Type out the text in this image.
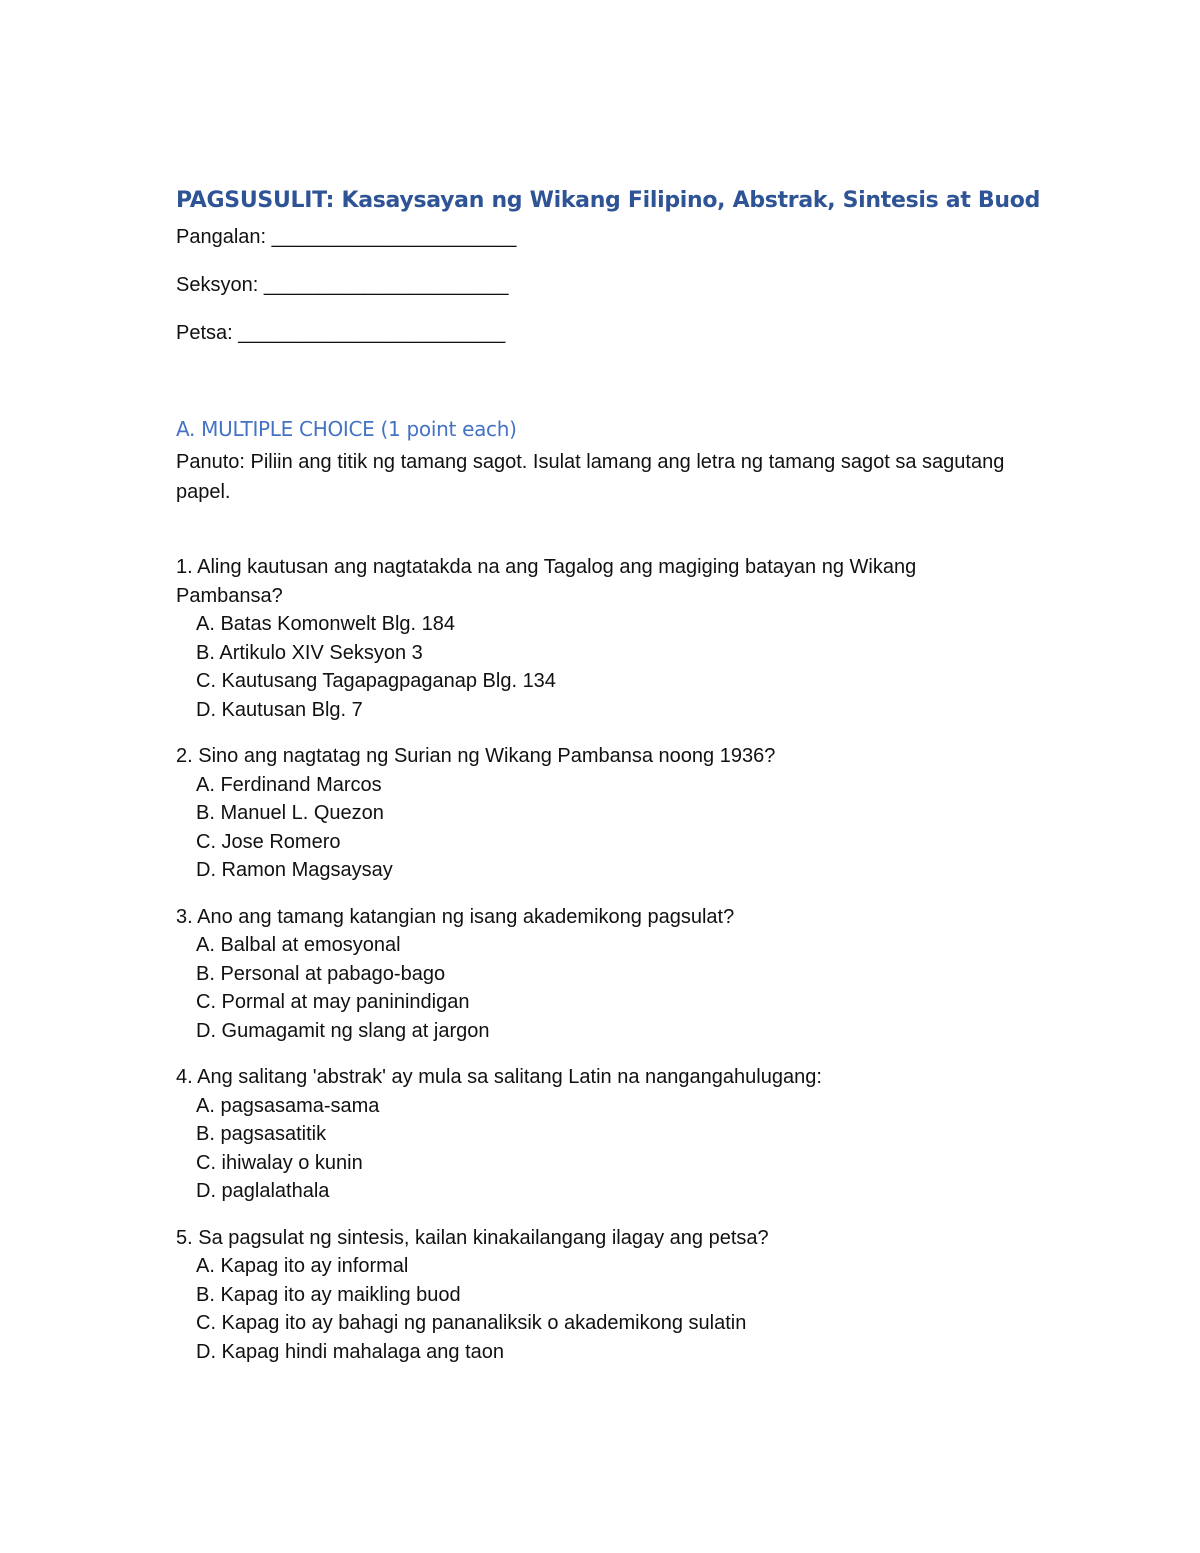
PAGSUSULIT: Kasaysayan ng Wikang Filipino, Abstrak, Sintesis at Buod
Pangalan: ______________________
Seksyon: ______________________
Petsa: ________________________
A. MULTIPLE CHOICE (1 point each)
Panuto: Piliin ang titik ng tamang sagot. Isulat lamang ang letra ng tamang sagot sa sagutang papel.
1. Aling kautusan ang nagtatakda na ang Tagalog ang magiging batayan ng Wikang Pambansa?
A. Batas Komonwelt Blg. 184
B. Artikulo XIV Seksyon 3
C. Kautusang Tagapagpaganap Blg. 134
D. Kautusan Blg. 7
2. Sino ang nagtatag ng Surian ng Wikang Pambansa noong 1936?
A. Ferdinand Marcos
B. Manuel L. Quezon
C. Jose Romero
D. Ramon Magsaysay
3. Ano ang tamang katangian ng isang akademikong pagsulat?
A. Balbal at emosyonal
B. Personal at pabago-bago
C. Pormal at may paninindigan
D. Gumagamit ng slang at jargon
4. Ang salitang 'abstrak' ay mula sa salitang Latin na nangangahulugang:
A. pagsasama-sama
B. pagsasatitik
C. ihiwalay o kunin
D. paglalathala
5. Sa pagsulat ng sintesis, kailan kinakailangang ilagay ang petsa?
A. Kapag ito ay informal
B. Kapag ito ay maikling buod
C. Kapag ito ay bahagi ng pananaliksik o akademikong sulatin
D. Kapag hindi mahalaga ang taon
